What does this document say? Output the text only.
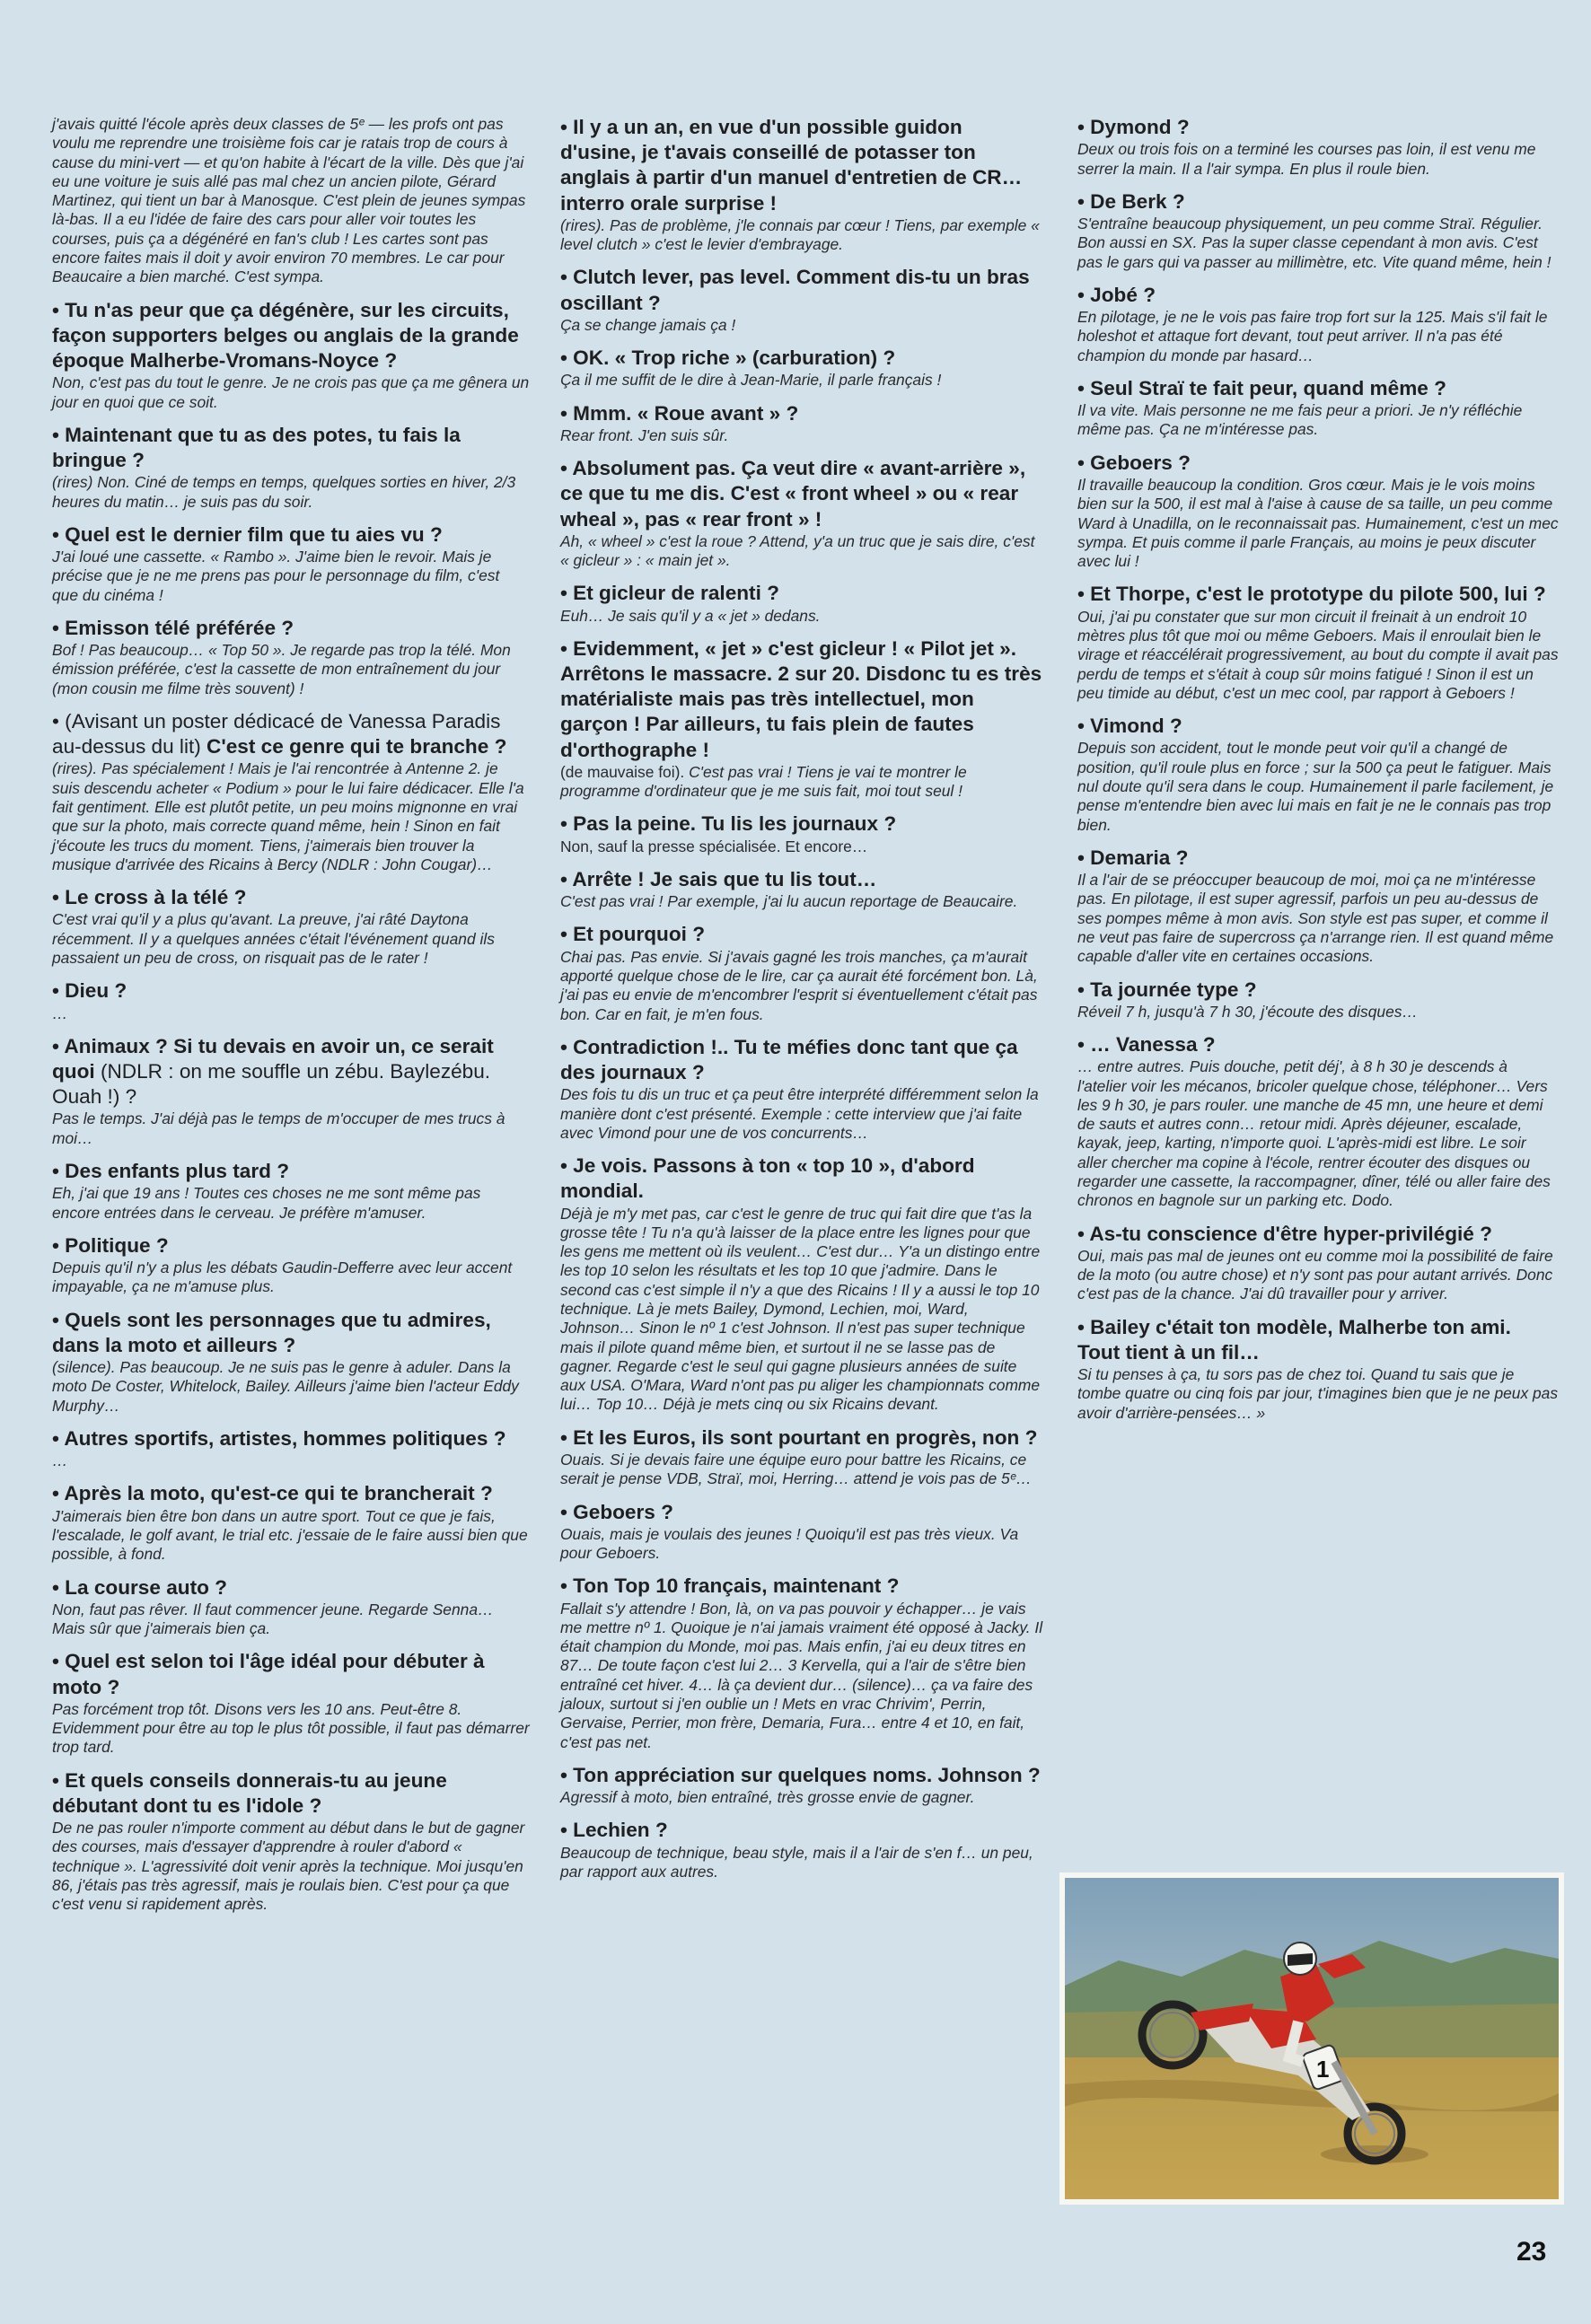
j'avais quitté l'école après deux classes de 5ᵉ — les profs ont pas voulu me reprendre une troisième fois car je ratais trop de cours à cause du mini-vert — et qu'on habite à l'écart de la ville. Dès que j'ai eu une voiture je suis allé pas mal chez un ancien pilote, Gérard Martinez, qui tient un bar à Manosque. C'est plein de jeunes sympas là-bas. Il a eu l'idée de faire des cars pour aller voir toutes les courses, puis ça a dégénéré en fan's club ! Les cartes sont pas encore faites mais il doit y avoir environ 70 membres. Le car pour Beaucaire a bien marché. C'est sympa.

• Tu n'as peur que ça dégénère, sur les circuits, façon supporters belges ou anglais de la grande époque Malherbe-Vromans-Noyce ?

Non, c'est pas du tout le genre. Je ne crois pas que ça me gênera un jour en quoi que ce soit.

• Maintenant que tu as des potes, tu fais la bringue ?

(rires) Non. Ciné de temps en temps, quelques sorties en hiver, 2/3 heures du matin… je suis pas du soir.

• Quel est le dernier film que tu aies vu ?

J'ai loué une cassette. « Rambo ». J'aime bien le revoir. Mais je précise que je ne me prens pas pour le personnage du film, c'est que du cinéma !

• Emisson télé préférée ?

Bof ! Pas beaucoup… « Top 50 ». Je regarde pas trop la télé. Mon émission préférée, c'est la cassette de mon entraînement du jour (mon cousin me filme très souvent) !

• (Avisant un poster dédicacé de Vanessa Paradis au-dessus du lit) C'est ce genre qui te branche ?

(rires). Pas spécialement ! Mais je l'ai rencontrée à Antenne 2. je suis descendu acheter « Podium » pour le lui faire dédicacer. Elle l'a fait gentiment. Elle est plutôt petite, un peu moins mignonne en vrai que sur la photo, mais correcte quand même, hein ! Sinon en fait j'écoute les trucs du moment. Tiens, j'aimerais bien trouver la musique d'arrivée des Ricains à Bercy (NDLR : John Cougar)…

• Le cross à la télé ?

C'est vrai qu'il y a plus qu'avant. La preuve, j'ai râté Daytona récemment. Il y a quelques années c'était l'événement quand ils passaient un peu de cross, on risquait pas de le rater !

• Dieu ?

…

• Animaux ? Si tu devais en avoir un, ce serait quoi (NDLR : on me souffle un zébu. Baylezébu. Ouah !) ?

Pas le temps. J'ai déjà pas le temps de m'occuper de mes trucs à moi…

• Des enfants plus tard ?

Eh, j'ai que 19 ans ! Toutes ces choses ne me sont même pas encore entrées dans le cerveau. Je préfère m'amuser.

• Politique ?

Depuis qu'il n'y a plus les débats Gaudin-Defferre avec leur accent impayable, ça ne m'amuse plus.

• Quels sont les personnages que tu admires, dans la moto et ailleurs ?

(silence). Pas beaucoup. Je ne suis pas le genre à aduler. Dans la moto De Coster, Whitelock, Bailey. Ailleurs j'aime bien l'acteur Eddy Murphy…

• Autres sportifs, artistes, hommes politiques ?

…

• Après la moto, qu'est-ce qui te brancherait ?

J'aimerais bien être bon dans un autre sport. Tout ce que je fais, l'escalade, le golf avant, le trial etc. j'essaie de le faire aussi bien que possible, à fond.

• La course auto ?

Non, faut pas rêver. Il faut commencer jeune. Regarde Senna… Mais sûr que j'aimerais bien ça.

• Quel est selon toi l'âge idéal pour débuter à moto ?

Pas forcément trop tôt. Disons vers les 10 ans. Peut-être 8. Evidemment pour être au top le plus tôt possible, il faut pas démarrer trop tard.

• Et quels conseils donnerais-tu au jeune débutant dont tu es l'idole ?

De ne pas rouler n'importe comment au début dans le but de gagner des courses, mais d'essayer d'apprendre à rouler d'abord « technique ». L'agressivité doit venir après la technique. Moi jusqu'en 86, j'étais pas très agressif, mais je roulais bien. C'est pour ça que c'est venu si rapidement après.

• Il y a un an, en vue d'un possible guidon d'usine, je t'avais conseillé de potasser ton anglais à partir d'un manuel d'entretien de CR… interro orale surprise !

(rires). Pas de problème, j'le connais par cœur ! Tiens, par exemple « level clutch » c'est le levier d'embrayage.

• Clutch lever, pas level. Comment dis-tu un bras oscillant ?

Ça se change jamais ça !

• OK. « Trop riche » (carburation) ?

Ça il me suffit de le dire à Jean-Marie, il parle français !

• Mmm. « Roue avant » ?

Rear front. J'en suis sûr.

• Absolument pas. Ça veut dire « avant-arrière », ce que tu me dis. C'est « front wheel » ou « rear wheal », pas « rear front » !

Ah, « wheel » c'est la roue ? Attend, y'a un truc que je sais dire, c'est « gicleur » : « main jet ».

• Et gicleur de ralenti ?

Euh… Je sais qu'il y a « jet » dedans.

• Evidemment, « jet » c'est gicleur ! « Pilot jet ». Arrêtons le massacre. 2 sur 20. Disdonc tu es très matérialiste mais pas très intellectuel, mon garçon ! Par ailleurs, tu fais plein de fautes d'orthographe !

(de mauvaise foi). C'est pas vrai ! Tiens je vai te montrer le programme d'ordinateur que je me suis fait, moi tout seul !

• Pas la peine. Tu lis les journaux ?

Non, sauf la presse spécialisée. Et encore…

• Arrête ! Je sais que tu lis tout…

C'est pas vrai ! Par exemple, j'ai lu aucun reportage de Beaucaire.

• Et pourquoi ?

Chai pas. Pas envie. Si j'avais gagné les trois manches, ça m'aurait apporté quelque chose de le lire, car ça aurait été forcément bon. Là, j'ai pas eu envie de m'encombrer l'esprit si éventuellement c'était pas bon. Car en fait, je m'en fous.

• Contradiction !.. Tu te méfies donc tant que ça des journaux ?

Des fois tu dis un truc et ça peut être interprété différemment selon la manière dont c'est présenté. Exemple : cette interview que j'ai faite avec Vimond pour une de vos concurrents…

• Je vois. Passons à ton « top 10 », d'abord mondial.

Déjà je m'y met pas, car c'est le genre de truc qui fait dire que t'as la grosse tête ! Tu n'a qu'à laisser de la place entre les lignes pour que les gens me mettent où ils veulent… C'est dur… Y'a un distingo entre les top 10 selon les résultats et les top 10 que j'admire. Dans le second cas c'est simple il n'y a que des Ricains ! Il y a aussi le top 10 technique. Là je mets Bailey, Dymond, Lechien, moi, Ward, Johnson… Sinon le nº 1 c'est Johnson. Il n'est pas super technique mais il pilote quand même bien, et surtout il ne se lasse pas de gagner. Regarde c'est le seul qui gagne plusieurs années de suite aux USA. O'Mara, Ward n'ont pas pu aliger les championnats comme lui… Top 10… Déjà je mets cinq ou six Ricains devant.

• Et les Euros, ils sont pourtant en progrès, non ?

Ouais. Si je devais faire une équipe euro pour battre les Ricains, ce serait je pense VDB, Straï, moi, Herring… attend je vois pas de 5ᵉ…

• Geboers ?

Ouais, mais je voulais des jeunes ! Quoiqu'il est pas très vieux. Va pour Geboers.

• Ton Top 10 français, maintenant ?

Fallait s'y attendre ! Bon, là, on va pas pouvoir y échapper… je vais me mettre nº 1. Quoique je n'ai jamais vraiment été opposé à Jacky. Il était champion du Monde, moi pas. Mais enfin, j'ai eu deux titres en 87… De toute façon c'est lui 2… 3 Kervella, qui a l'air de s'être bien entraîné cet hiver. 4… là ça devient dur… (silence)… ça va faire des jaloux, surtout si j'en oublie un ! Mets en vrac Chrivim', Perrin, Gervaise, Perrier, mon frère, Demaria, Fura… entre 4 et 10, en fait, c'est pas net.

• Ton appréciation sur quelques noms. Johnson ?

Agressif à moto, bien entraîné, très grosse envie de gagner.

• Lechien ?

Beaucoup de technique, beau style, mais il a l'air de s'en f… un peu, par rapport aux autres.

• Dymond ?

Deux ou trois fois on a terminé les courses pas loin, il est venu me serrer la main. Il a l'air sympa. En plus il roule bien.

• De Berk ?

S'entraîne beaucoup physiquement, un peu comme Straï. Régulier. Bon aussi en SX. Pas la super classe cependant à mon avis. C'est pas le gars qui va passer au millimètre, etc. Vite quand même, hein !

• Jobé ?

En pilotage, je ne le vois pas faire trop fort sur la 125. Mais s'il fait le holeshot et attaque fort devant, tout peut arriver. Il n'a pas été champion du monde par hasard…

• Seul Straï te fait peur, quand même ?

Il va vite. Mais personne ne me fais peur a priori. Je n'y réfléchie même pas. Ça ne m'intéresse pas.

• Geboers ?

Il travaille beaucoup la condition. Gros cœur. Mais je le vois moins bien sur la 500, il est mal à l'aise à cause de sa taille, un peu comme Ward à Unadilla, on le reconnaissait pas. Humainement, c'est un mec sympa. Et puis comme il parle Français, au moins je peux discuter avec lui !

• Et Thorpe, c'est le prototype du pilote 500, lui ?

Oui, j'ai pu constater que sur mon circuit il freinait à un endroit 10 mètres plus tôt que moi ou même Geboers. Mais il enroulait bien le virage et réaccélérait progressivement, au bout du compte il avait pas perdu de temps et s'était à coup sûr moins fatigué ! Sinon il est un peu timide au début, c'est un mec cool, par rapport à Geboers !

• Vimond ?

Depuis son accident, tout le monde peut voir qu'il a changé de position, qu'il roule plus en force ; sur la 500 ça peut le fatiguer. Mais nul doute qu'il sera dans le coup. Humainement il parle facilement, je pense m'entendre bien avec lui mais en fait je ne le connais pas trop bien.

• Demaria ?

Il a l'air de se préoccuper beaucoup de moi, moi ça ne m'intéresse pas. En pilotage, il est super agressif, parfois un peu au-dessus de ses pompes même à mon avis. Son style est pas super, et comme il ne veut pas faire de supercross ça n'arrange rien. Il est quand même capable d'aller vite en certaines occasions.

• Ta journée type ?

Réveil 7 h, jusqu'à 7 h 30, j'écoute des disques…

• … Vanessa ?

… entre autres. Puis douche, petit déj', à 8 h 30 je descends à l'atelier voir les mécanos, bricoler quelque chose, téléphoner… Vers les 9 h 30, je pars rouler. une manche de 45 mn, une heure et demi de sauts et autres conn… retour midi. Après déjeuner, escalade, kayak, jeep, karting, n'importe quoi. L'après-midi est libre. Le soir aller chercher ma copine à l'école, rentrer écouter des disques ou regarder une cassette, la raccompagner, dîner, télé ou aller faire des chronos en bagnole sur un parking etc. Dodo.

• As-tu conscience d'être hyper-privilégié ?

Oui, mais pas mal de jeunes ont eu comme moi la possibilité de faire de la moto (ou autre chose) et n'y sont pas pour autant arrivés. Donc c'est pas de la chance. J'ai dû travailler pour y arriver.

• Bailey c'était ton modèle, Malherbe ton ami. Tout tient à un fil…

Si tu penses à ça, tu sors pas de chez toi. Quand tu sais que je tombe quatre ou cinq fois par jour, t'imagines bien que je ne peux pas avoir d'arrière-pensées… »

1
23
